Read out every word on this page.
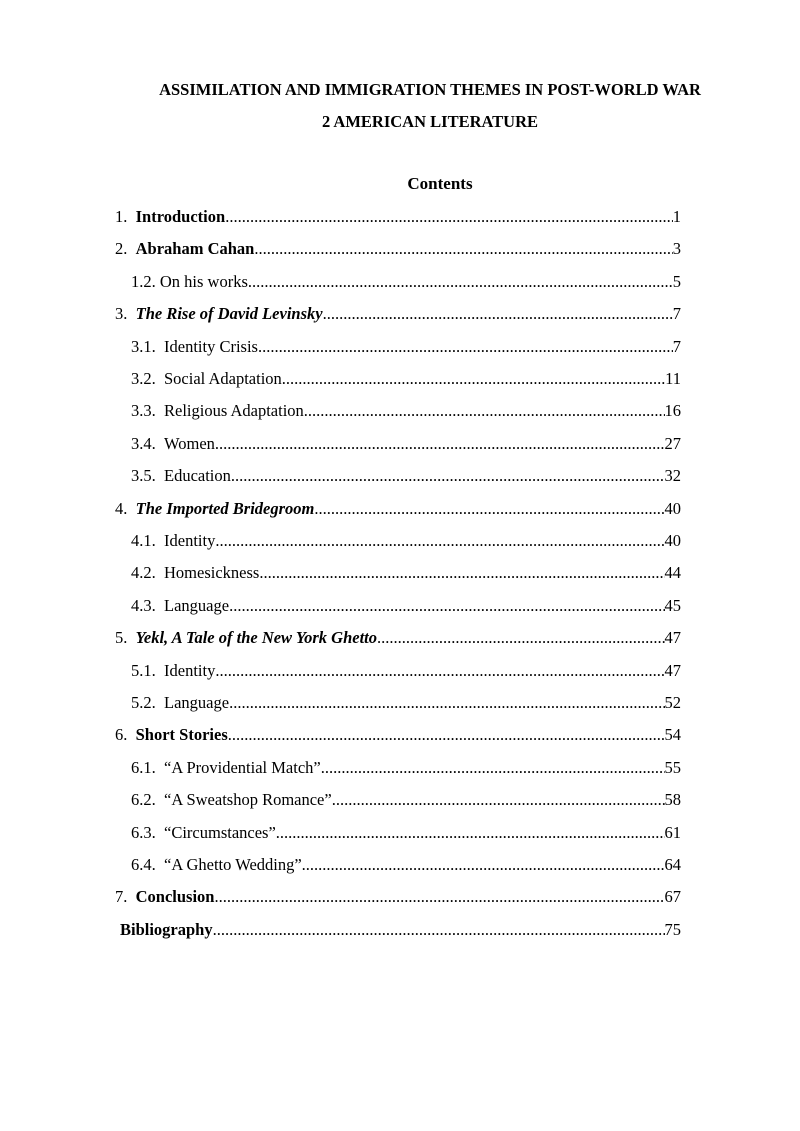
ASSIMILATION AND IMMIGRATION THEMES IN POST-WORLD WAR
2 AMERICAN LITERATURE
Contents
1. Introduction .....	1
2. Abraham Cahan .....	3
1.2. On his works .....	5
3. The Rise of David Levinsky .....	7
3.1. Identity Crisis .....	7
3.2. Social Adaptation .....	11
3.3. Religious Adaptation .....	16
3.4. Women .....	27
3.5. Education .....	32
4. The Imported Bridegroom .....	40
4.1. Identity .....	40
4.2. Homesickness .....	44
4.3. Language .....	45
5. Yekl, A Tale of the New York Ghetto .....	47
5.1. Identity .....	47
5.2. Language .....	52
6. Short Stories .....	54
6.1. “A Providential Match” .....	55
6.2. “A Sweatshop Romance” .....	58
6.3. “Circumstances” .....	61
6.4. “A Ghetto Wedding” .....	64
7. Conclusion .....	67
Bibliography .....	75
